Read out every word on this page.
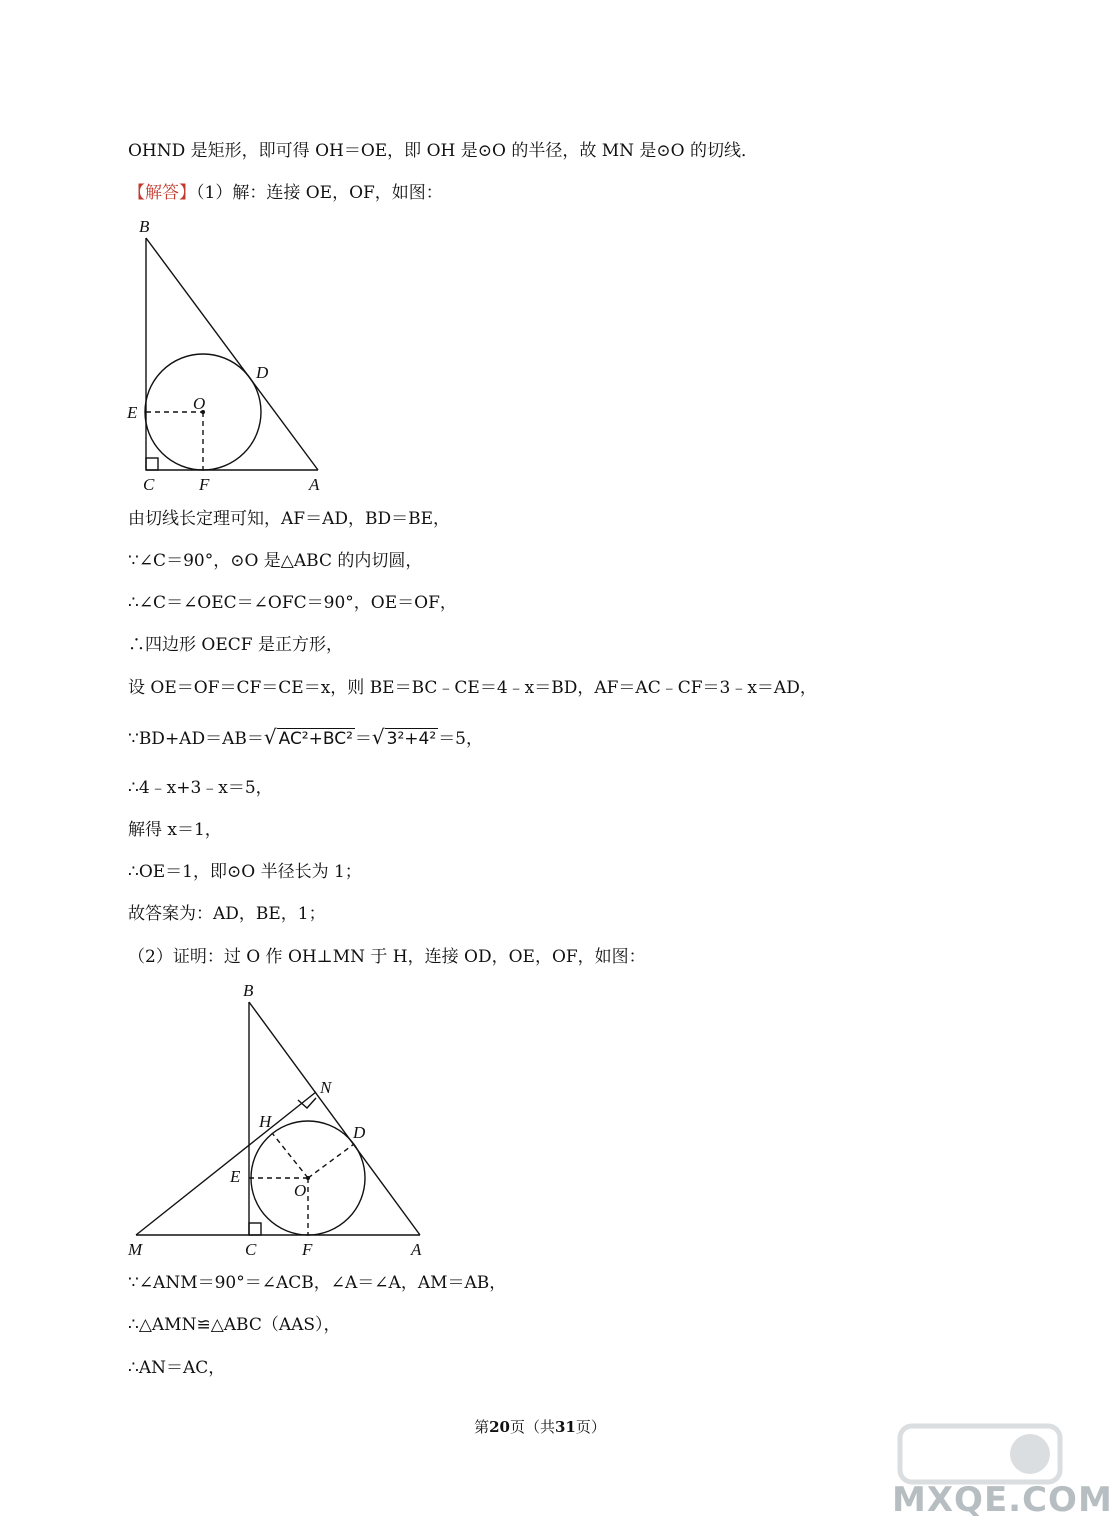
OHND 是矩形，即可得 OH＝OE，即 OH 是⊙O 的半径，故 MN 是⊙O 的切线．
【解答】（1）解：连接 OE，OF，如图：
B
D
E	O
C	F	A
B
N
H
D
E
O
M	C	F	A
由切线长定理可知，AF＝AD，BD＝BE，
∵∠C＝90°，⊙O 是△ABC 的内切圆，
∴∠C＝∠OEC＝∠OFC＝90°，OE＝OF，
∴四边形 OECF 是正方形，
设 OE＝OF＝CF＝CE＝x，则 BE＝BC﹣CE＝4﹣x＝BD，AF＝AC﹣CF＝3﹣x＝AD，
∵BD+AD＝AB＝√ AC²+BC² ＝√ 3²+4² ＝5，
∴4﹣x+3﹣x＝5，
解得 x＝1，
∴OE＝1，即⊙O 半径长为 1；
故答案为：AD，BE，1；
（2）证明：过 O 作 OH⊥MN 于 H，连接 OD，OE，OF，如图：
∵∠ANM＝90°＝∠ACB，∠A＝∠A，AM＝AB，
∴△AMN≌△ABC（AAS），
∴AN＝AC，
第20页（共31页）
MXQE.COM
